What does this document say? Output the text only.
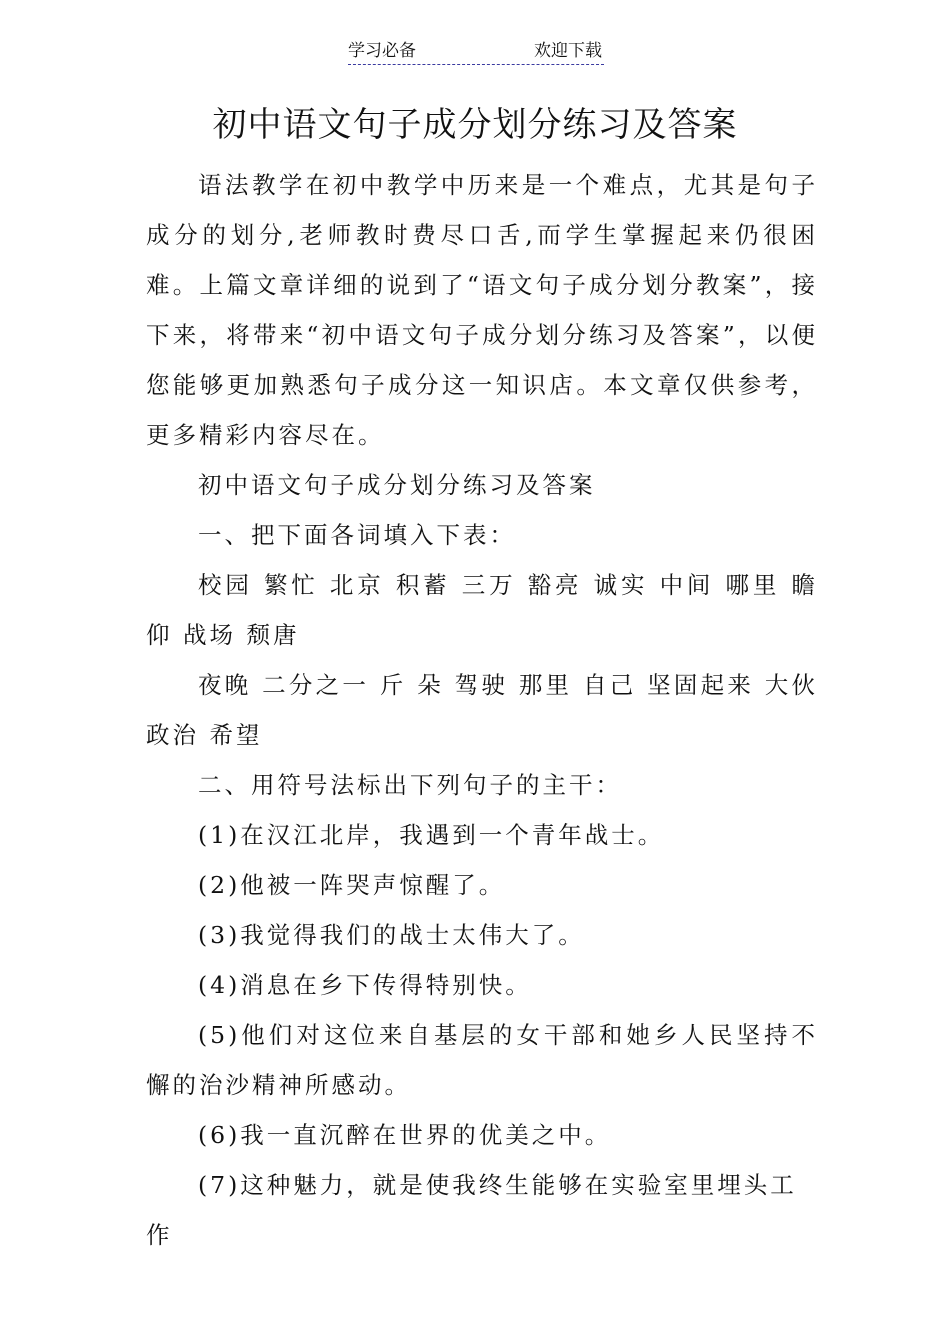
学习必备	欢迎下载
初中语文句子成分划分练习及答案

语法教学在初中教学中历来是一个难点，尤其是句子成分的划分,老师教时费尽口舌,而学生掌握起来仍很困难。上篇文章详细的说到了“语文句子成分划分教案”，接下来，将带来“初中语文句子成分划分练习及答案”，以便您能够更加熟悉句子成分这一知识店。本文章仅供参考，更多精彩内容尽在。

初中语文句子成分划分练习及答案

一、把下面各词填入下表：

校园 繁忙 北京 积蓄 三万 豁亮 诚实 中间 哪里 瞻仰 战场 颓唐

夜晚 二分之一 斤 朵 驾驶 那里 自己 坚固起来 大伙 政治 希望

二、用符号法标出下列句子的主干：

(1)在汉江北岸，我遇到一个青年战士。

(2)他被一阵哭声惊醒了。

(3)我觉得我们的战士太伟大了。

(4)消息在乡下传得特别快。

(5)他们对这位来自基层的女干部和她乡人民坚持不懈的治沙精神所感动。

(6)我一直沉醉在世界的优美之中。

(7)这种魅力，就是使我终生能够在实验室里埋头工作
